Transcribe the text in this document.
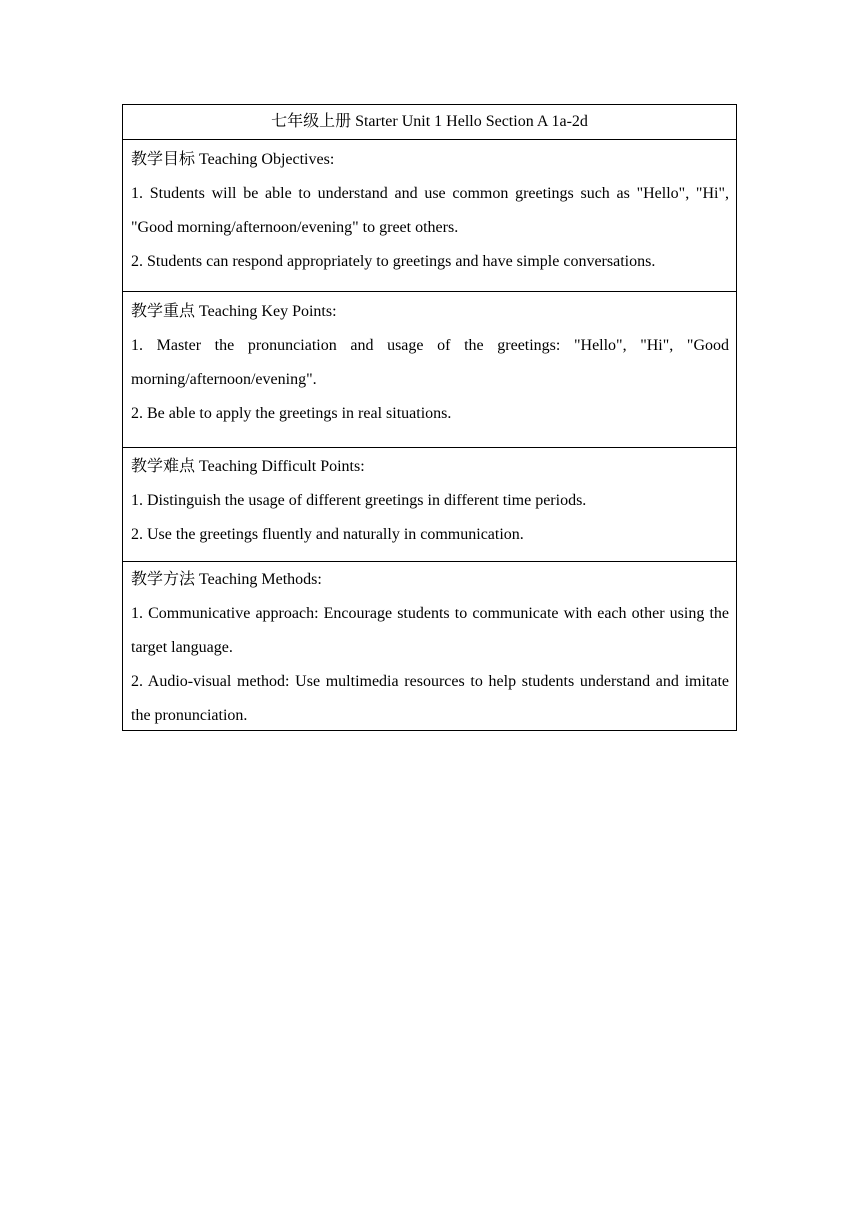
七年级上册 Starter Unit 1 Hello Section A 1a-2d
教学目标 Teaching Objectives:
1. Students will be able to understand and use common greetings such as "Hello", "Hi", "Good morning/afternoon/evening" to greet others.
2. Students can respond appropriately to greetings and have simple conversations.
教学重点 Teaching Key Points:
1. Master the pronunciation and usage of the greetings: "Hello", "Hi", "Good morning/afternoon/evening".
2. Be able to apply the greetings in real situations.
教学难点 Teaching Difficult Points:
1. Distinguish the usage of different greetings in different time periods.
2. Use the greetings fluently and naturally in communication.
教学方法 Teaching Methods:
1. Communicative approach: Encourage students to communicate with each other using the target language.
2. Audio-visual method: Use multimedia resources to help students understand and imitate the pronunciation.
